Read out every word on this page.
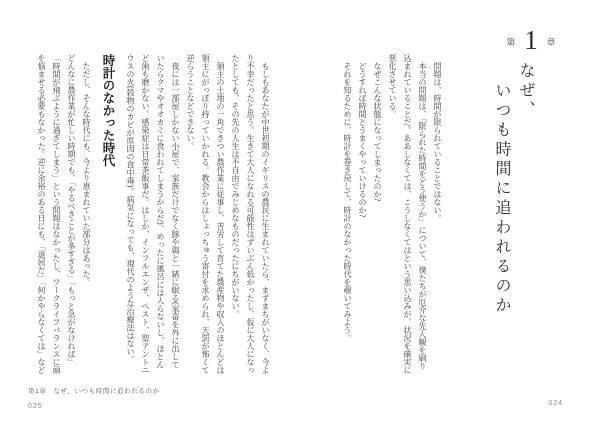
もしもあなたが中世初期のイギリスの農民に生まれていたら、まずまちがいなく、今より不幸だったと思う。生きて大人になれる可能性はずいぶん低かったし、仮に大人になったとしても、その先の人生は不自由でみじめなものだったにちがいない。

領主の土地の一角できつい農作業に従事し、苦労して育てた農産物や収入のほとんどは領主にがっぽり持っていかれる。教会からはしょっちゅう寄付を求められ、天罰が怖くて逆らうことなどできない。

夜には一部屋しかない小屋で、家族だけでなく豚や鶏と一緒に眠る(家畜を外に出していたらクマやオオカミに食われてしまうからだ)。めったに風呂には入らないし、ほとんど歯も磨かない。感染症は日常茶飯事だ。はしか、インフルエンザ、ペスト、聖アントニウスの火(穀物のカビが原因の食中毒)。病気になっても、現代のような治療法はない。

時計のなかった時代

ただし、そんな時代にも、今より恵まれていた部分はあった。

どんなに農作業が忙しい時期でも、「やるべきことが多すぎる」「もっと急がなければ」「時間が飛ぶように過ぎてしまう」という問題はなかったし、ワークライフバランスに頭を悩ませる必要もなかった。逆に余裕のある日にも、「退屈だ」「何かやらなくては」など

第1章 なぜ、いつも時間に追われるのか
025
第 1 章
なぜ、
いつも時間に追われるのか

問題は、時間が限られていることではない。

本当の問題は、「限られた時間をどう使うか」について、僕たちが厄介な先入観を刷り込まれていることだ。ああしなくては、こうしなくてはという思い込みが、状況を確実に悪化させている。

なぜこんな状態になってしまったのか?

どうすれば時間とうまくやっていけるのか?

それを知るために、時計を巻き戻して、時計のなかった時代を覗いてみよう。

024
